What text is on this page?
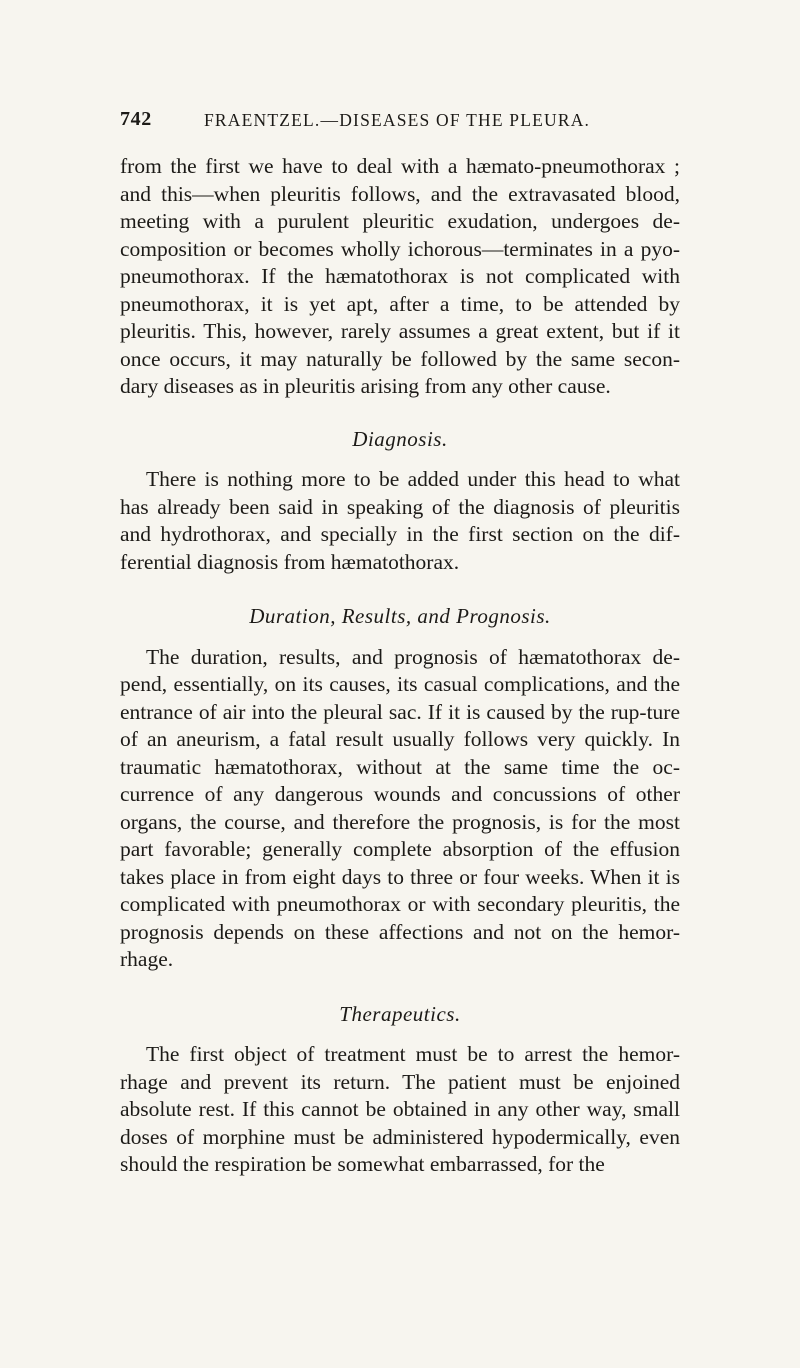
742	FRAENTZEL.—DISEASES OF THE PLEURA.

from the first we have to deal with a hæmato-pneumothorax ; and this—when pleuritis follows, and the extravasated blood, meeting with a purulent pleuritic exudation, undergoes de-composition or becomes wholly ichorous—terminates in a pyo-pneumothorax. If the hæmatothorax is not complicated with pneumothorax, it is yet apt, after a time, to be attended by pleuritis. This, however, rarely assumes a great extent, but if it once occurs, it may naturally be followed by the same secon-dary diseases as in pleuritis arising from any other cause.

Diagnosis.

There is nothing more to be added under this head to what has already been said in speaking of the diagnosis of pleuritis and hydrothorax, and specially in the first section on the dif-ferential diagnosis from hæmatothorax.

Duration, Results, and Prognosis.

The duration, results, and prognosis of hæmatothorax de-pend, essentially, on its causes, its casual complications, and the entrance of air into the pleural sac. If it is caused by the rup-ture of an aneurism, a fatal result usually follows very quickly. In traumatic hæmatothorax, without at the same time the oc-currence of any dangerous wounds and concussions of other organs, the course, and therefore the prognosis, is for the most part favorable; generally complete absorption of the effusion takes place in from eight days to three or four weeks. When it is complicated with pneumothorax or with secondary pleuritis, the prognosis depends on these affections and not on the hemor-rhage.

Therapeutics.

The first object of treatment must be to arrest the hemor-rhage and prevent its return. The patient must be enjoined absolute rest. If this cannot be obtained in any other way, small doses of morphine must be administered hypodermically, even should the respiration be somewhat embarrassed, for the
